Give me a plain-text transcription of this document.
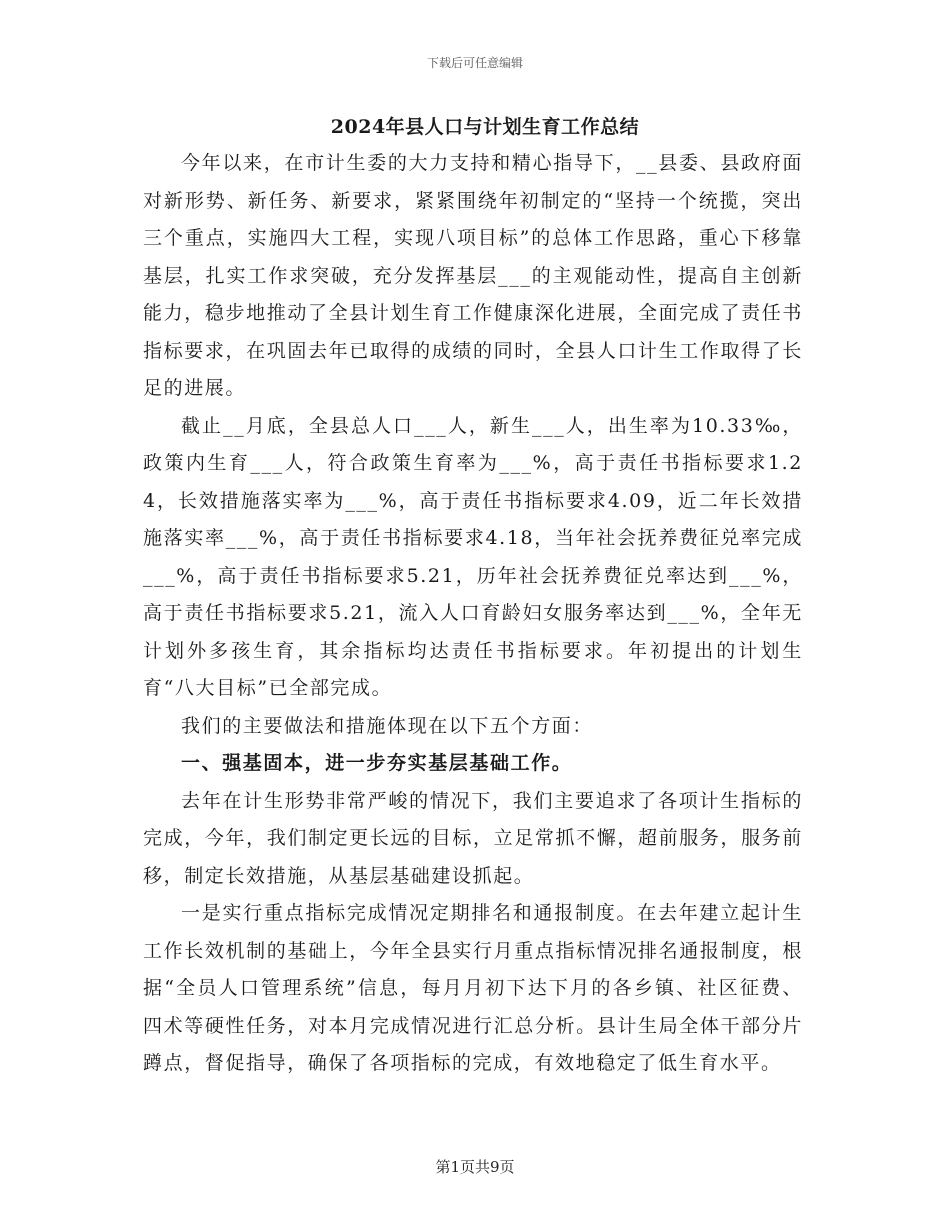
下载后可任意编辑
2024年县人口与计划生育工作总结

今年以来，在市计生委的大力支持和精心指导下，__县委、县政府面对新形势、新任务、新要求，紧紧围绕年初制定的“坚持一个统揽，突出三个重点，实施四大工程，实现八项目标”的总体工作思路，重心下移靠基层，扎实工作求突破，充分发挥基层___的主观能动性，提高自主创新能力，稳步地推动了全县计划生育工作健康深化进展，全面完成了责任书指标要求，在巩固去年已取得的成绩的同时，全县人口计生工作取得了长足的进展。

截止__月底，全县总人口___人，新生___人，出生率为10.33‰，政策内生育___人，符合政策生育率为___%，高于责任书指标要求1.24，长效措施落实率为___%，高于责任书指标要求4.09，近二年长效措施落实率___%，高于责任书指标要求4.18，当年社会抚养费征兑率完成___%，高于责任书指标要求5.21，历年社会抚养费征兑率达到___%，高于责任书指标要求5.21，流入人口育龄妇女服务率达到___%，全年无计划外多孩生育，其余指标均达责任书指标要求。年初提出的计划生育“八大目标”已全部完成。

我们的主要做法和措施体现在以下五个方面：

一、强基固本，进一步夯实基层基础工作。

去年在计生形势非常严峻的情况下，我们主要追求了各项计生指标的完成，今年，我们制定更长远的目标，立足常抓不懈，超前服务，服务前移，制定长效措施，从基层基础建设抓起。

一是实行重点指标完成情况定期排名和通报制度。在去年建立起计生工作长效机制的基础上，今年全县实行月重点指标情况排名通报制度，根据“全员人口管理系统”信息，每月月初下达下月的各乡镇、社区征费、四术等硬性任务，对本月完成情况进行汇总分析。县计生局全体干部分片蹲点，督促指导，确保了各项指标的完成，有效地稳定了低生育水平。

第1页共9页
